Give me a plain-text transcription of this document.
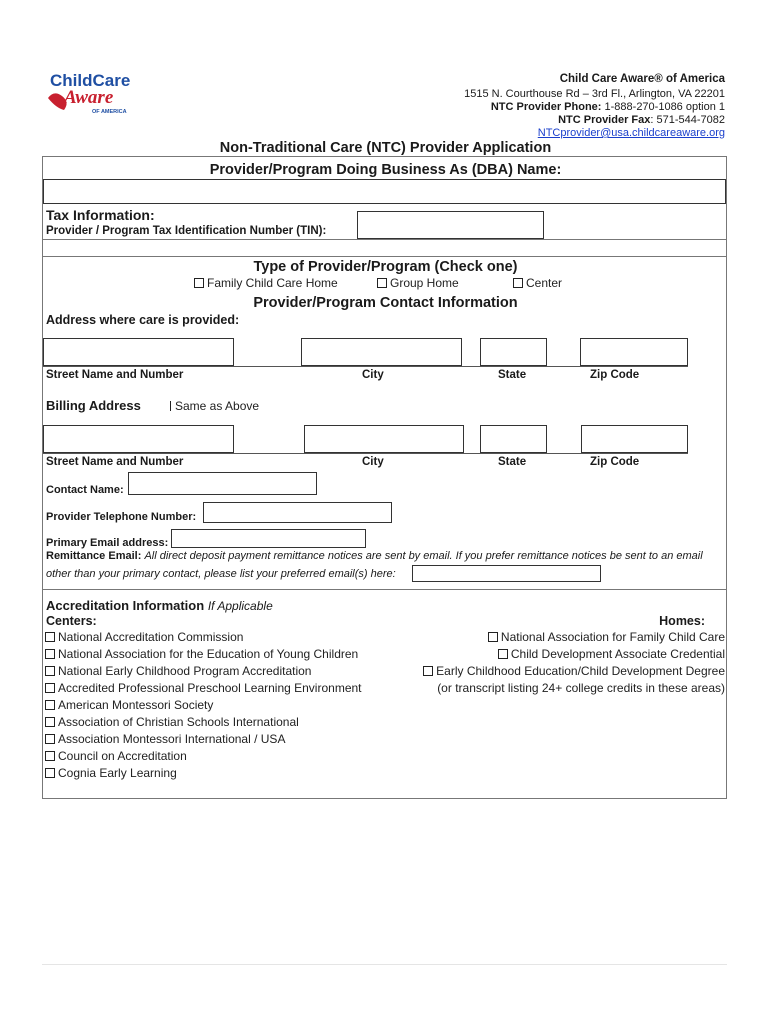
ChildCare
Aware
OF AMERICA
Child Care Aware® of America
1515 N. Courthouse Rd – 3rd Fl., Arlington, VA 22201
NTC Provider Phone: 1-888-270-1086 option 1
NTC Provider Fax: 571-544-7082
NTCprovider@usa.childcareaware.org
Non-Traditional Care (NTC) Provider Application
Provider/Program Doing Business As (DBA) Name:
Tax Information:
Provider / Program Tax Identification Number (TIN):
Type of Provider/Program (Check one)
Family Child Care Home	Group Home	Center
Provider/Program Contact Information
Address where care is provided:
Street Name and Number	City	State	Zip Code
Billing Address	Same as Above
Street Name and Number	City	State	Zip Code
Contact Name:
Provider Telephone Number:
Primary Email address:
Remittance Email: All direct deposit payment remittance notices are sent by email. If you prefer remittance notices be sent to an email
other than your primary contact, please list your preferred email(s) here:
Accreditation Information If Applicable
Centers:	Homes:
National Accreditation Commission
National Association for the Education of Young Children
National Early Childhood Program Accreditation
Accredited Professional Preschool Learning Environment
American Montessori Society
Association of Christian Schools International
Association Montessori International / USA
Council on Accreditation
Cognia Early Learning
National Association for Family Child Care
Child Development Associate Credential
Early Childhood Education/Child Development Degree
(or transcript listing 24+ college credits in these areas)
